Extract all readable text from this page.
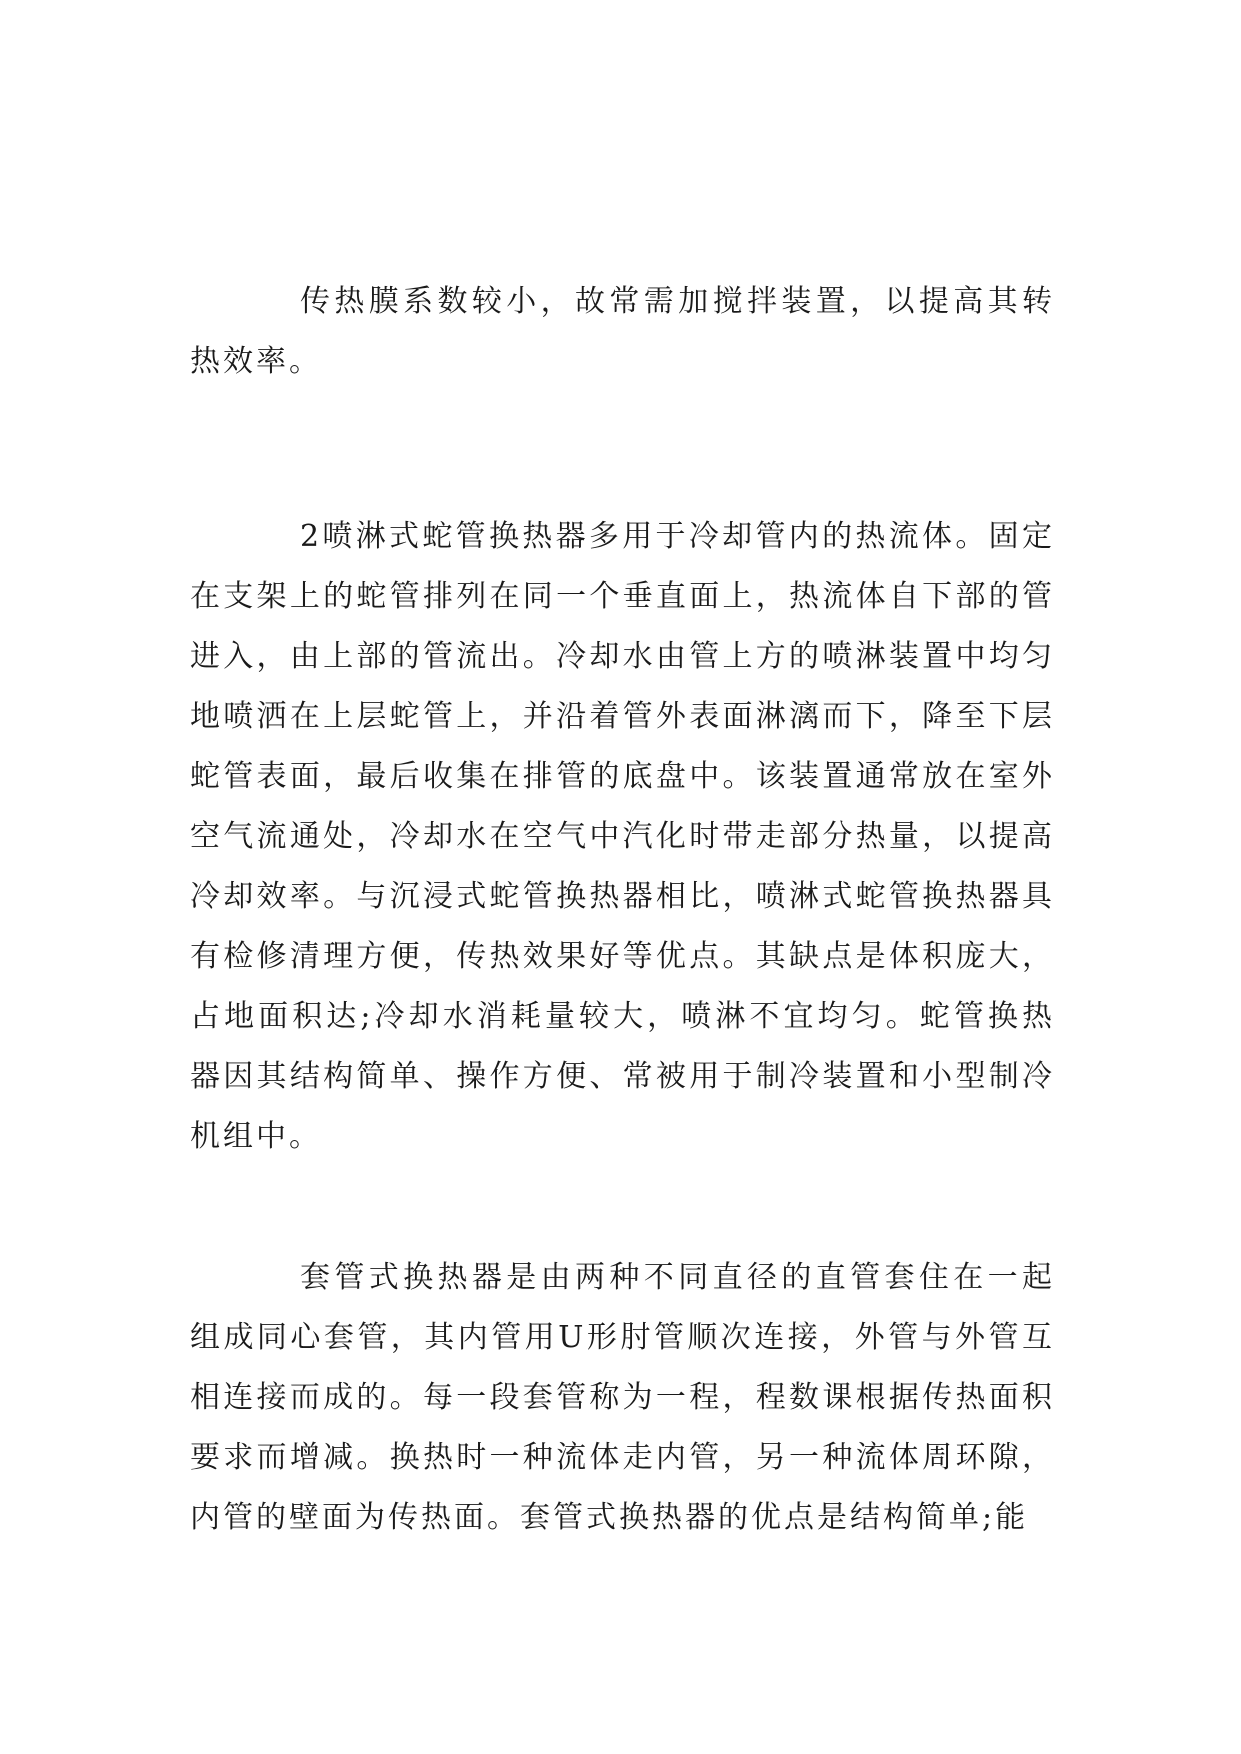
传热膜系数较小，故常需加搅拌装置，以提高其转热效率。

2喷淋式蛇管换热器多用于冷却管内的热流体。固定在支架上的蛇管排列在同一个垂直面上，热流体自下部的管进入，由上部的管流出。冷却水由管上方的喷淋装置中均匀地喷洒在上层蛇管上，并沿着管外表面淋漓而下，降至下层蛇管表面，最后收集在排管的底盘中。该装置通常放在室外空气流通处，冷却水在空气中汽化时带走部分热量，以提高冷却效率。与沉浸式蛇管换热器相比，喷淋式蛇管换热器具有检修清理方便，传热效果好等优点。其缺点是体积庞大，占地面积达;冷却水消耗量较大，喷淋不宜均匀。蛇管换热器因其结构简单、操作方便、常被用于制冷装置和小型制冷机组中。

套管式换热器是由两种不同直径的直管套住在一起组成同心套管，其内管用U形肘管顺次连接，外管与外管互相连接而成的。每一段套管称为一程，程数课根据传热面积要求而增减。换热时一种流体走内管，另一种流体周环隙，内管的壁面为传热面。套管式换热器的优点是结构简单;能
